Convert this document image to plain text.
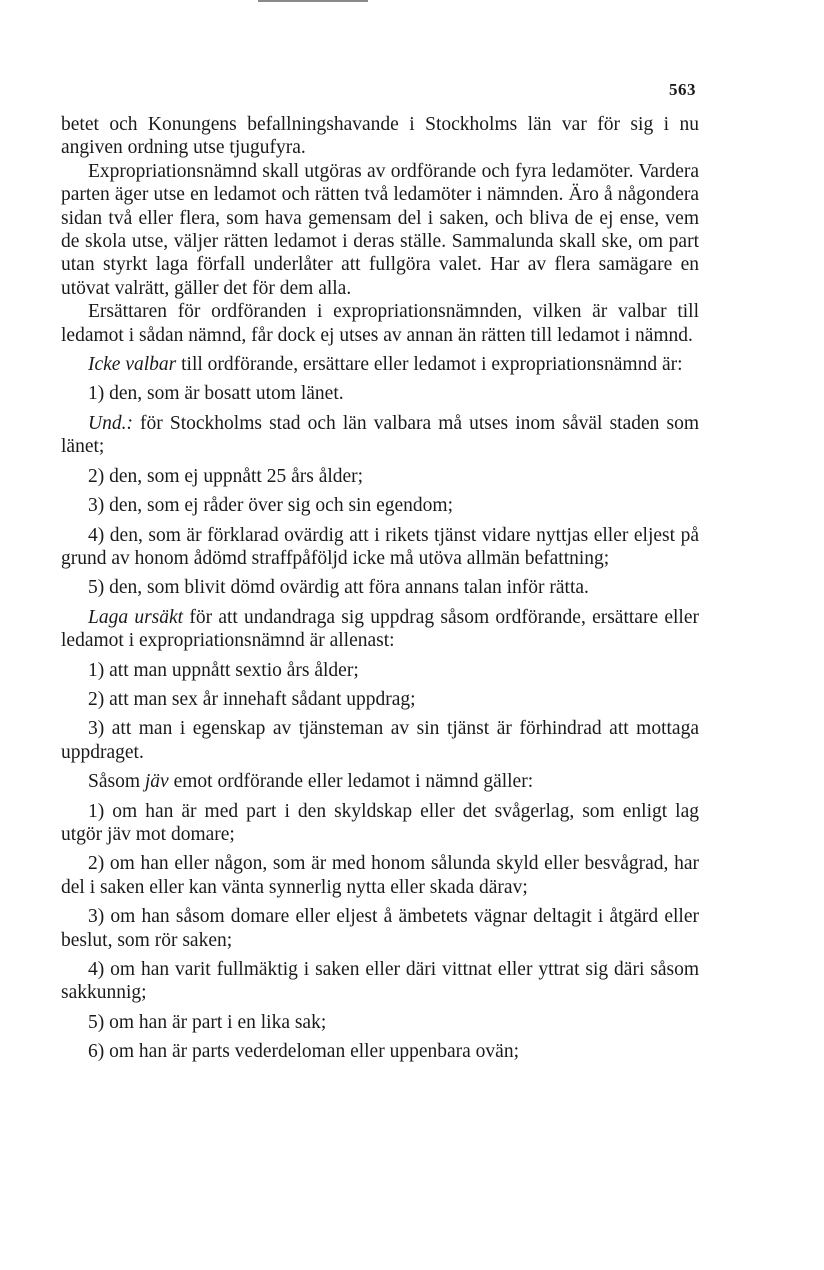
563

betet och Konungens befallningshavande i Stockholms län var för sig i nu angiven ordning utse tjugufyra.

Expropriationsnämnd skall utgöras av ordförande och fyra ledamöter. Vardera parten äger utse en ledamot och rätten två ledamöter i nämnden. Äro å någondera sidan två eller flera, som hava gemensam del i saken, och bliva de ej ense, vem de skola utse, väljer rätten ledamot i deras ställe. Sammalunda skall ske, om part utan styrkt laga förfall underlåter att fullgöra valet. Har av flera samägare en utövat valrätt, gäller det för dem alla.

Ersättaren för ordföranden i expropriationsnämnden, vilken är valbar till ledamot i sådan nämnd, får dock ej utses av annan än rätten till ledamot i nämnd.

Icke valbar till ordförande, ersättare eller ledamot i expropriationsnämnd är:

1) den, som är bosatt utom länet.

Und.: för Stockholms stad och län valbara må utses inom såväl staden som länet;

2) den, som ej uppnått 25 års ålder;

3) den, som ej råder över sig och sin egendom;

4) den, som är förklarad ovärdig att i rikets tjänst vidare nyttjas eller eljest på grund av honom ådömd straffpåföljd icke må utöva allmän befattning;

5) den, som blivit dömd ovärdig att föra annans talan inför rätta.

Laga ursäkt för att undandraga sig uppdrag såsom ordförande, ersättare eller ledamot i expropriationsnämnd är allenast:

1) att man uppnått sextio års ålder;

2) att man sex år innehaft sådant uppdrag;

3) att man i egenskap av tjänsteman av sin tjänst är förhindrad att mottaga uppdraget.

Såsom jäv emot ordförande eller ledamot i nämnd gäller:

1) om han är med part i den skyldskap eller det svågerlag, som enligt lag utgör jäv mot domare;

2) om han eller någon, som är med honom sålunda skyld eller besvågrad, har del i saken eller kan vänta synnerlig nytta eller skada därav;

3) om han såsom domare eller eljest å ämbetets vägnar deltagit i åtgärd eller beslut, som rör saken;

4) om han varit fullmäktig i saken eller däri vittnat eller yttrat sig däri såsom sakkunnig;

5) om han är part i en lika sak;

6) om han är parts vederdeloman eller uppenbara ovän;
